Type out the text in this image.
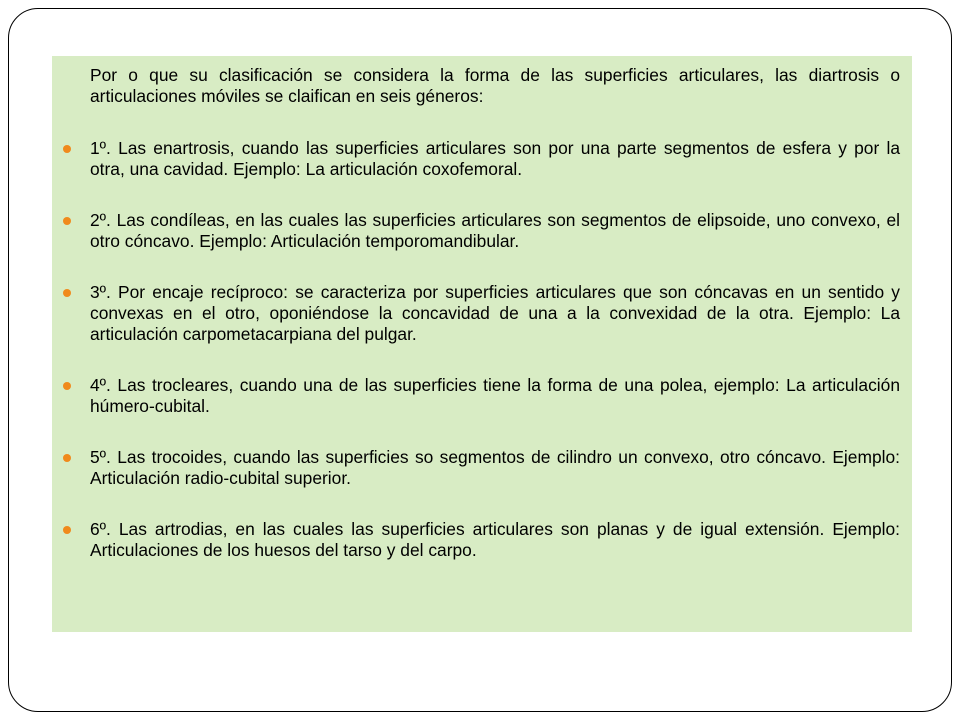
Por o que su clasificación se considera la forma de las superficies articulares, las diartrosis o articulaciones móviles se claifican en seis géneros:

1º. Las enartrosis, cuando las superficies articulares son por una parte segmentos de esfera y por la otra, una cavidad. Ejemplo: La articulación coxofemoral.
2º. Las condíleas, en las cuales las superficies articulares son segmentos de elipsoide, uno convexo, el otro cóncavo. Ejemplo: Articulación temporomandibular.
3º. Por encaje recíproco: se caracteriza por superficies articulares que son cóncavas en un sentido y convexas en el otro, oponiéndose la concavidad de una a la convexidad de la otra. Ejemplo: La articulación carpometacarpiana del pulgar.
4º. Las trocleares, cuando una de las superficies tiene la forma de una polea, ejemplo: La articulación húmero-cubital.
5º. Las trocoides, cuando las superficies so segmentos de cilindro un convexo, otro cóncavo. Ejemplo: Articulación radio-cubital superior.
6º. Las artrodias, en las cuales las superficies articulares son planas y de igual extensión. Ejemplo: Articulaciones de los huesos del tarso y del carpo.
